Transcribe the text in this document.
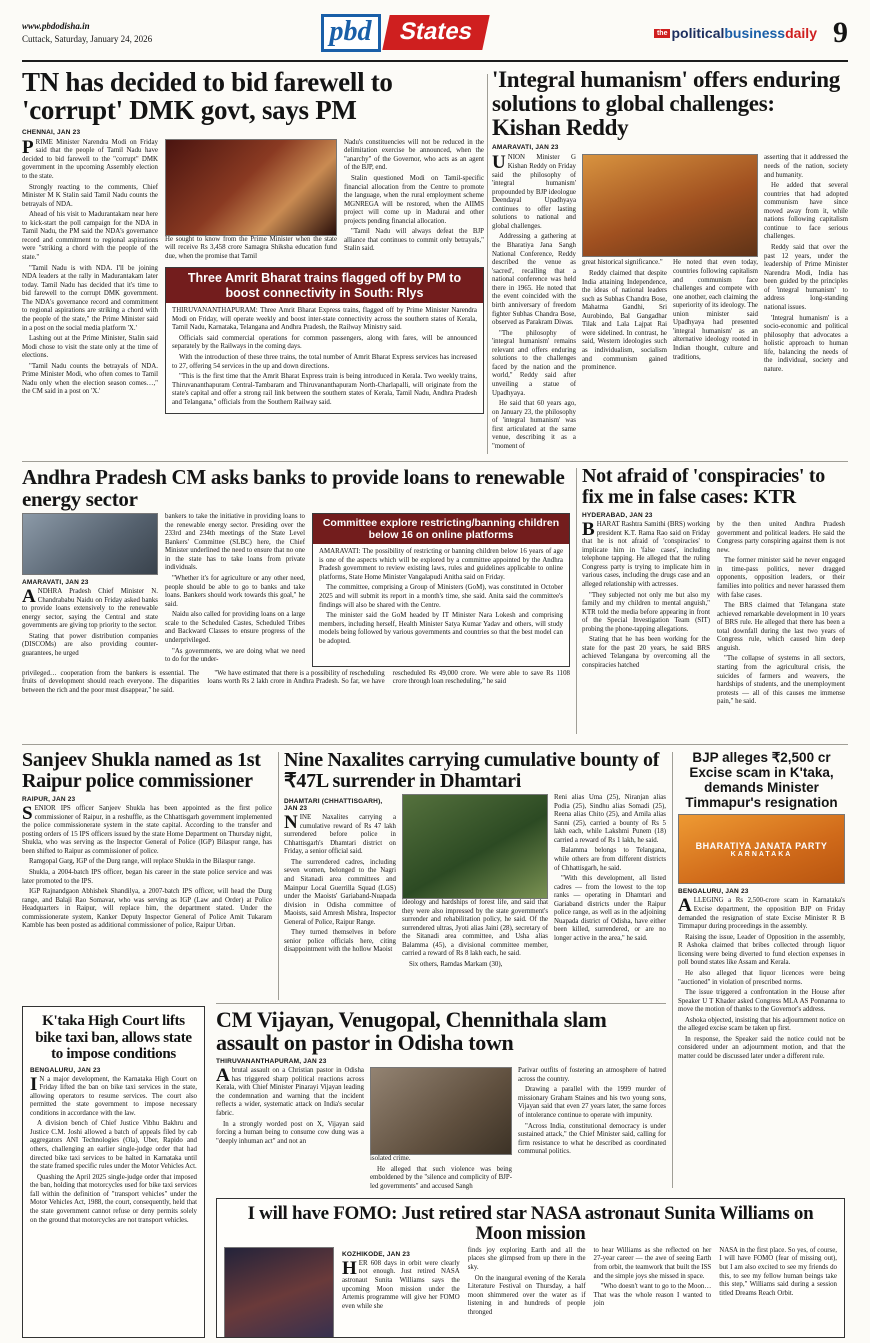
www.pbdodisha.in
Cuttack, Saturday, January 24, 2026	pbd	States	the political business daily 9
TN has decided to bid farewell to 'corrupt' DMK govt, says PM
CHENNAI, JAN 23

PRIME Minister Narendra Modi on Friday said that the people of Tamil Nadu have decided to bid farewell to the "corrupt" DMK government in the upcoming Assembly election to the state.

Strongly reacting to the comments, Chief Minister M K Stalin said Tamil Nadu counts the betrayals of NDA.

Ahead of his visit to Madurantakam near here to kick-start the poll campaign for the NDA in Tamil Nadu, the PM said the NDA's governance record and commitment to regional aspirations were "striking a chord with the people of the state."

"Tamil Nadu is with NDA. I'll be joining NDA leaders at the rally in Madurantakam later today. Tamil Nadu has decided that it's time to bid farewell to the corrupt DMK government. The NDA's governance record and commitment to regional aspirations are striking a chord with the people of the state," the Prime Minister said in a post on the social media platform 'X.'

Lashing out at the Prime Minister, Stalin said Modi chose to visit the state only at the time of elections.

"Tamil Nadu counts the betrayals of NDA. Prime Minister Modi, who often comes to Tamil Nadu only when the election season comes…," the CM said in a post on 'X.'

He sought to know from the Prime Minister when the state will receive Rs 3,458 crore Samagra Shiksha education fund due, when the promise that Tamil

Nadu's constituencies will not be reduced in the delimitation exercise be announced, when the "anarchy" of the Governor, who acts as an agent of the BJP, end.

Stalin questioned Modi on Tamil-specific financial allocation from the Centre to promote the language, when the rural employment scheme MGNREGA will be restored, when the AIIMS project will come up in Madurai and other projects pending financial allocation.

"Tamil Nadu will always defeat the BJP alliance that continues to commit only betrayals," Stalin said.

Three Amrit Bharat trains flagged off by PM to boost connectivity in South: Rlys

THIRUVANANTHAPURAM: Three Amrit Bharat Express trains, flagged off by Prime Minister Narendra Modi on Friday, will operate weekly and boost inter-state connectivity across the southern states of Kerala, Tamil Nadu, Karnataka, Telangana and Andhra Pradesh, the Railway Ministry said.

Officials said commercial operations for common passengers, along with fares, will be announced separately by the Railways in the coming days.

With the introduction of these three trains, the total number of Amrit Bharat Express services has increased to 27, offering 54 services in the up and down directions.

"This is the first time that the Amrit Bharat Express train is being introduced in Kerala. Two weekly trains, Thiruvananthapuram Central-Tambaram and Thiruvananthapuram North-Charlapalli, will originate from the state's capital and offer a strong rail link between the southern states of Kerala, Tamil Nadu, Andhra Pradesh and Telangana," officials from the Southern Railway said.

'Integral humanism' offers enduring solutions to global challenges: Kishan Reddy
AMARAVATI, JAN 23

UNION Minister G Kishan Reddy on Friday said the philosophy of 'integral humanism' propounded by BJP ideologue Deendayal Upadhyaya continues to offer lasting solutions to national and global challenges.

Addressing a gathering at the Bharatiya Jana Sangh National Conference, Reddy described the venue as 'sacred', recalling that a national conference was held there in 1965. He noted that the event coincided with the birth anniversary of freedom fighter Subhas Chandra Bose, observed as Parakram Diwas.

"The philosophy of 'integral humanism' remains relevant and offers enduring solutions to the challenges faced by the nation and the world," Reddy said after unveiling a statue of Upadhyaya.

He said that 60 years ago, on January 23, the philosophy of 'integral humanism' was first articulated at the same venue, describing it as a "moment of

great historical significance."

Reddy claimed that despite India attaining Independence, the ideas of national leaders such as Subhas Chandra Bose, Mahatma Gandhi, Sri Aurobindo, Bal Gangadhar Tilak and Lala Lajpat Rai were sidelined. In contrast, he said, Western ideologies such as individualism, socialism and communism gained prominence.

He noted that even today, countries following capitalism and communism face challenges and compete with one another, each claiming the superiority of its ideology. The union minister said Upadhyaya had presented 'integral humanism' as an alternative ideology rooted in Indian thought, culture and traditions,

asserting that it addressed the needs of the nation, society and humanity.

He added that several countries that had adopted communism have since moved away from it, while nations following capitalism continue to face serious challenges.

Reddy said that over the past 12 years, under the leadership of Prime Minister Narendra Modi, India has been guided by the principles of 'integral humanism' to address long-standing national issues.

'Integral humanism' is a socio-economic and political philosophy that advocates a holistic approach to human life, balancing the needs of the individual, society and nature.

Andhra Pradesh CM asks banks to provide loans to renewable energy sector
AMARAVATI, JAN 23

ANDHRA Pradesh Chief Minister N. Chandrababu Naidu on Friday asked banks to provide loans extensively to the renewable energy sector, saying the Central and state governments are giving top priority to the sector.

Stating that power distribution companies (DISCOMs) are also providing counter-guarantees, he urged

bankers to take the initiative in providing loans to the renewable energy sector. Presiding over the 233rd and 234th meetings of the State Level Bankers' Committee (SLBC) here, the Chief Minister underlined the need to ensure that no one in the state has to take loans from private individuals.

"Whether it's for agriculture or any other need, people should be able to go to banks and take loans. Bankers should work towards this goal," he said.

Naidu also called for providing loans on a large scale to the Scheduled Castes, Scheduled Tribes and Backward Classes to ensure progress of the underprivileged.

"As governments, we are doing what we need to do for the under-

Committee explore restricting/banning children below 16 on online platforms

AMARAVATI: The possibility of restricting or banning children below 16 years of age is one of the aspects which will be explored by a committee appointed by the Andhra Pradesh government to review existing laws, rules and guidelines applicable to online platforms, State Home Minister Vangalapudi Anitha said on Friday.

The committee, comprising a Group of Ministers (GoM), was constituted in October 2025 and will submit its report in a month's time, she said. Anita said the committee's findings will also be shared with the Centre.

The minister said the GoM headed by IT Minister Nara Lokesh and comprising members, including herself, Health Minister Satya Kumar Yadav and others, will study models being followed by various governments and countries so that the best model can be adopted.

privileged… cooperation from the bankers is essential. The fruits of development should reach everyone. The disparities between the rich and the poor must disappear," he said.

"We have estimated that there is a possibility of rescheduling loans worth Rs 2 lakh crore in Andhra Pradesh. So far, we have rescheduled Rs 49,000 crore. We were able to save Rs 1108 crore through loan rescheduling," he said

Not afraid of 'conspiracies' to fix me in false cases: KTR
HYDERABAD, JAN 23

BHARAT Rashtra Samithi (BRS) working president K.T. Rama Rao said on Friday that he is not afraid of 'conspiracies' to implicate him in 'false cases', including telephone tapping. He alleged that the ruling Congress party is trying to implicate him in various cases, including the drugs case and an alleged relationship with actresses.

"They subjected not only me but also my family and my children to mental anguish," KTR told the media before appearing in front of the Special Investigation Team (SIT) probing the phone-tapping allegations.

Stating that he has been working for the state for the past 20 years, he said BRS achieved Telangana by overcoming all the conspiracies hatched

by the then united Andhra Pradesh government and political leaders. He said the Congress party conspiring against them is not new.

The former minister said he never engaged in time-pass politics, never dragged opponents, opposition leaders, or their families into politics and never harassed them with false cases.

The BRS claimed that Telangana state achieved remarkable development in 10 years of BRS rule. He alleged that there has been a total downfall during the last two years of Congress rule, which caused him deep anguish.

"The collapse of systems in all sectors, starting from the agricultural crisis, the suicides of farmers and weavers, the hardships of students, and the unemployment protests — all of this causes me immense pain," he said.

Sanjeev Shukla named as 1st Raipur police commissioner
RAIPUR, JAN 23

SENIOR IPS officer Sanjeev Shukla has been appointed as the first police commissioner of Raipur, in a reshuffle, as the Chhattisgarh government implemented the police commissionerate system in the state capital. According to the transfer and posting orders of 15 IPS officers issued by the state Home Department on Thursday night, Shukla, who was serving as the Inspector General of Police (IGP) Bilaspur range, has been shifted to Raipur as commissioner of police.

Ramgopal Garg, IGP of the Durg range, will replace Shukla in the Bilaspur range.

Shukla, a 2004-batch IPS officer, began his career in the state police service and was later promoted to the IPS.

IGP Rajnandgaon Abhishek Shandilya, a 2007-batch IPS officer, will head the Durg range, and Balaji Rao Somavar, who was serving as IGP (Law and Order) at Police Headquarters in Raipur, will replace him, the department stated. Under the commissionerate system, Kanker Deputy Inspector General of Police Amit Tukaram Kamble has been posted as additional commissioner of police, Raipur Urban.

Nine Naxalites carrying cumulative bounty of ₹47L surrender in Dhamtari
DHAMTARI (CHHATTISGARH), JAN 23

NINE Naxalites carrying a cumulative reward of Rs 47 lakh surrendered before police in Chhattisgarh's Dhamtari district on Friday, a senior official said.

The surrendered cadres, including seven women, belonged to the Nagri and Sitanadi area committees and Mainpur Local Guerrilla Squad (LGS) under the Maoists' Gariaband-Nuapada division in Odisha committee of Maoists, said Amresh Mishra, Inspector General of Police, Raipur Range.

They turned themselves in before senior police officials here, citing disappointment with the hollow Maoist

ideology and hardships of forest life, and said that they were also impressed by the state government's surrender and rehabilitation policy, he said. Of the surrendered ultras, Jyoti alias Jaini (28), secretary of the Sitanadi area committee, and Usha alias Balamma (45), a divisional committee member, carried a reward of Rs 8 lakh each, he said.

Six others, Ramdas Markam (30),

Reni alias Uma (25), Niranjan alias Podia (25), Sindhu alias Somadi (25), Reena alias Chito (25), and Amila alias Sanni (25), carried a bounty of Rs 5 lakh each, while Lakshmi Punem (18) carried a reward of Rs 1 lakh, he said.

Balamma belongs to Telangana, while others are from different districts of Chhattisgarh, he said.

"With this development, all listed cadres — from the lowest to the top ranks — operating in Dhamtari and Gariaband districts under the Raipur police range, as well as in the adjoining Nuapada district of Odisha, have either been killed, surrendered, or are no longer active in the area," he said.

BJP alleges ₹2,500 cr Excise scam in K'taka, demands Minister Timmapur's resignation
BHARATIYA JANATA PARTY
KARNATAKA
BENGALURU, JAN 23

ALLEGING a Rs 2,500-crore scam in Karnataka's Excise department, the opposition BJP on Friday demanded the resignation of state Excise Minister R B Timmapur during proceedings in the assembly.

Raising the issue, Leader of Opposition in the assembly, R Ashoka claimed that bribes collected through liquor licensing were being diverted to fund election expenses in poll bound states like Assam and Kerala.

He also alleged that liquor licences were being "auctioned" in violation of prescribed norms.

The issue triggered a confrontation in the House after Speaker U T Khader asked Congress MLA AS Ponnanna to move the motion of thanks to the Governor's address.

Ashoka objected, insisting that his adjournment notice on the alleged excise scam be taken up first.

In response, the Speaker said the notice could not be considered under an adjournment motion, and that the matter could be discussed later under a different rule.

K'taka High Court lifts bike taxi ban, allows state to impose conditions
BENGALURU, JAN 23

IN a major development, the Karnataka High Court on Friday lifted the ban on bike taxi services in the state, allowing operators to resume services. The court also permitted the state government to impose necessary conditions in accordance with the law.

A division bench of Chief Justice Vibhu Bakhru and Justice C.M. Joshi allowed a batch of appeals filed by cab aggregators ANI Technologies (Ola), Uber, Rapido and others, challenging an earlier single-judge order that had directed bike taxi services to be halted in Karnataka until the state framed specific rules under the Motor Vehicles Act.

Quashing the April 2025 single-judge order that imposed the ban, holding that motorcycles used for bike taxi services fall within the definition of "transport vehicles" under the Motor Vehicles Act, 1988, the court, consequently, held that the state government cannot refuse or deny permits solely on the ground that motorcycles are not transport vehicles.

CM Vijayan, Venugopal, Chennithala slam assault on pastor in Odisha town
THIRUVANANTHAPURAM, JAN 23

Abrutal assault on a Christian pastor in Odisha has triggered sharp political reactions across Kerala, with Chief Minister Pinarayi Vijayan leading the condemnation and warning that the incident reflects a wider, systematic attack on India's secular fabric.

In a strongly worded post on X, Vijayan said forcing a human being to consume cow dung was a "deeply inhuman act" and not an

isolated crime.

He alleged that such violence was being emboldened by the "silence and complicity of BJP-led governments" and accused Sangh

Parivar outfits of fostering an atmosphere of hatred across the country.

Drawing a parallel with the 1999 murder of missionary Graham Staines and his two young sons, Vijayan said that even 27 years later, the same forces of intolerance continue to operate with impunity.

"Across India, constitutional democracy is under sustained attack," the Chief Minister said, calling for firm resistance to what he described as coordinated communal politics.

I will have FOMO: Just retired star NASA astronaut Sunita Williams on Moon mission
KOZHIKODE, JAN 23

HER 608 days in orbit were clearly not enough. Just retired NASA astronaut Sunita Williams says the upcoming Moon mission under the Artemis programme will give her FOMO even while she

finds joy exploring Earth and all the places she glimpsed from up there in the sky.

On the inaugural evening of the Kerala Literature Festival on Thursday, a half moon shimmered over the water as if listening in and hundreds of people thronged

to hear Williams as she reflected on her 27-year career — the awe of seeing Earth from orbit, the teamwork that built the ISS and the simple joys she missed in space.

"Who doesn't want to go to the Moon… That was the whole reason I wanted to join

NASA in the first place. So yes, of course, I will have FOMO (fear of missing out), but I am also excited to see my friends do this, to see my fellow human beings take this step," Williams said during a session titled Dreams Reach Orbit.
